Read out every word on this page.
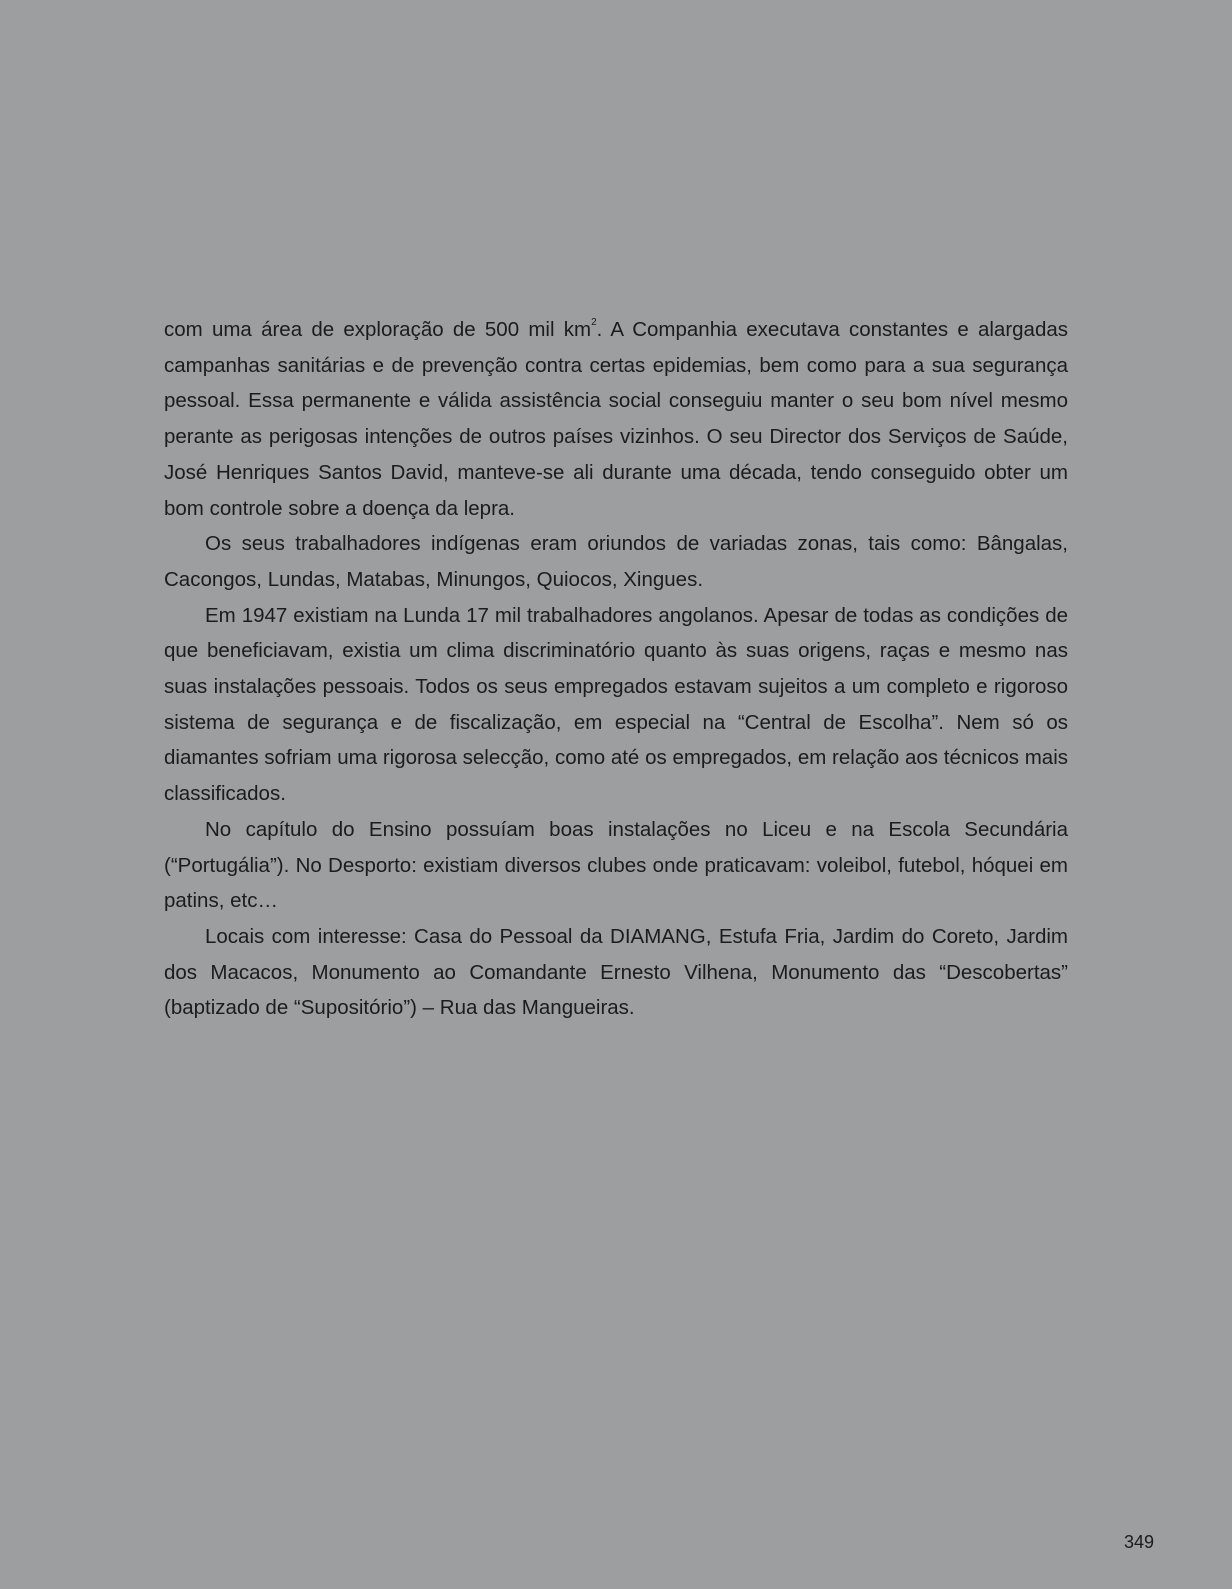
com uma área de exploração de 500 mil $km^2$. A Companhia executava constantes e alargadas campanhas sanitárias e de prevenção contra certas epidemias, bem como para a sua segurança pessoal. Essa permanente e válida assistência social conseguiu manter o seu bom nível mesmo perante as perigosas intenções de outros países vizinhos. O seu Director dos Serviços de Saúde, José Henriques Santos David, manteve-se ali durante uma década, tendo conseguido obter um bom controle sobre a doença da lepra.

Os seus trabalhadores indígenas eram oriundos de variadas zonas, tais como: Bângalas, Cacongos, Lundas, Matabas, Minungos, Quiocos, Xingues.

Em 1947 existiam na Lunda 17 mil trabalhadores angolanos. Apesar de todas as condições de que beneficiavam, existia um clima discriminatório quanto às suas origens, raças e mesmo nas suas instalações pessoais. Todos os seus empregados estavam sujeitos a um completo e rigoroso sistema de segurança e de fiscalização, em especial na “Central de Escolha”. Nem só os diamantes sofriam uma rigorosa selecção, como até os empregados, em relação aos técnicos mais classificados.

No capítulo do Ensino possuíam boas instalações no Liceu e na Escola Secundária (“Portugália”). No Desporto: existiam diversos clubes onde praticavam: voleibol, futebol, hóquei em patins, etc…

Locais com interesse: Casa do Pessoal da DIAMANG, Estufa Fria, Jardim do Coreto, Jardim dos Macacos, Monumento ao Comandante Ernesto Vilhena, Monumento das “Descobertas” (baptizado de “Supositório”) – Rua das Mangueiras.

349
